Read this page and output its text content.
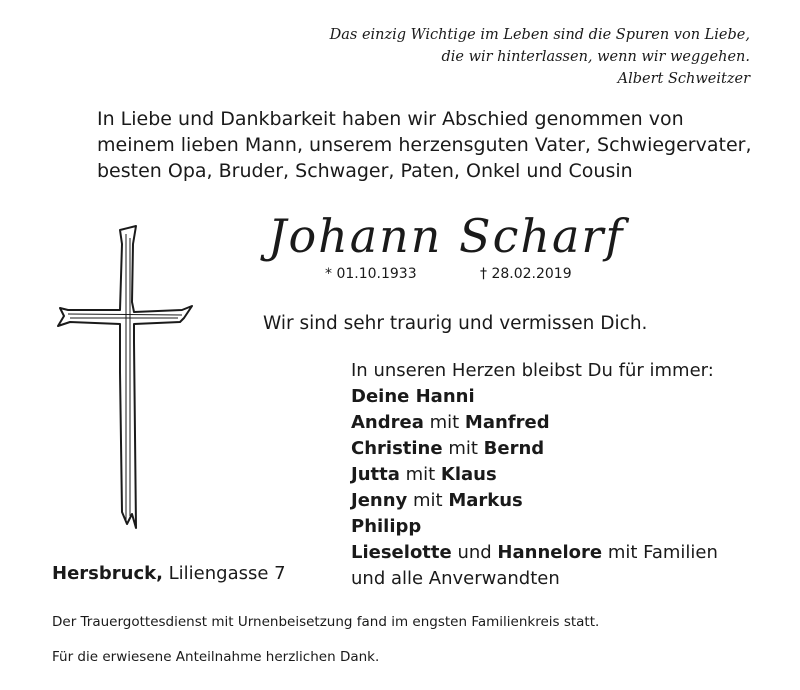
Das einzig Wichtige im Leben sind die Spuren von Liebe,
die wir hinterlassen, wenn wir weggehen.
Albert Schweitzer
In Liebe und Dankbarkeit haben wir Abschied genommen von
meinem lieben Mann, unserem herzensguten Vater, Schwiegervater,
besten Opa, Bruder, Schwager, Paten, Onkel und Cousin
Johann Scharf
* 01.10.1933	† 28.02.2019
Wir sind sehr traurig und vermissen Dich.
In unseren Herzen bleibst Du für immer:
Deine Hanni
Andrea mit Manfred
Christine mit Bernd
Jutta mit Klaus
Jenny mit Markus
Philipp
Lieselotte und Hannelore mit Familien
und alle Anverwandten
Hersbruck, Liliengasse 7
Der Trauergottesdienst mit Urnenbeisetzung fand im engsten Familienkreis statt.
Für die erwiesene Anteilnahme herzlichen Dank.
